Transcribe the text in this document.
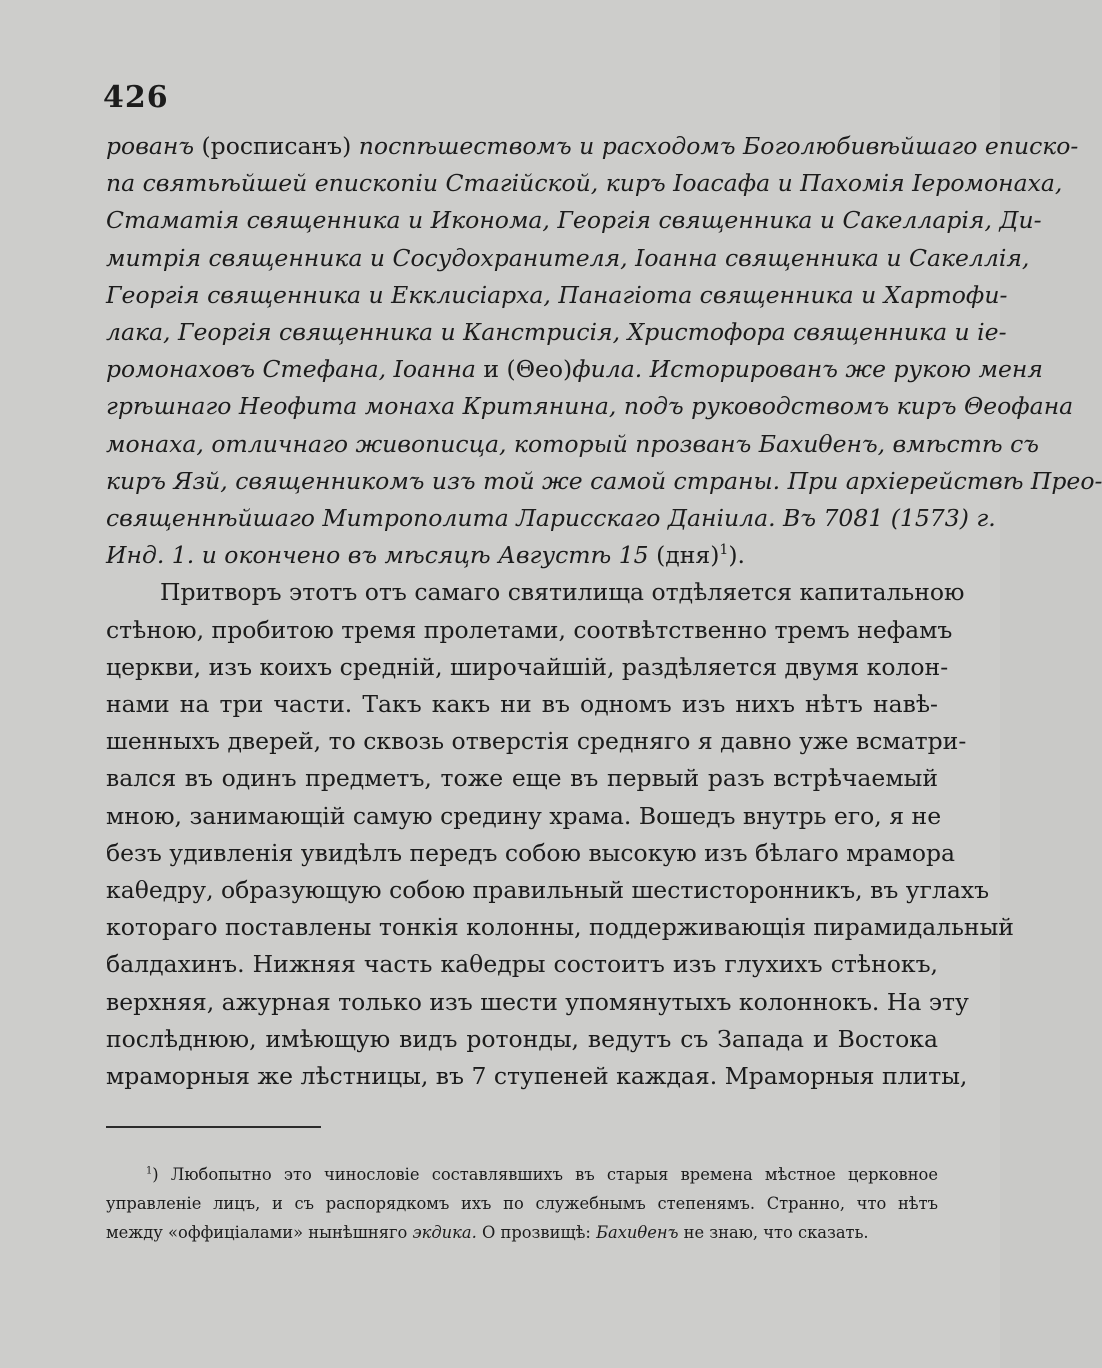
426
рованъ (росписанъ) поспѣшествомъ и расходомъ Боголюбивѣйшаго еписко-
па святьѣйшей епископіи Стагійской, киръ Іоасафа и Пахомія Іеромонаха,
Сmаматія священника и Иконома, Георгія священника и Сакелларія, Ди-
митрія священника и Сосудохранителя, Іоанна священника и Сакеллія,
Георгія священника и Екклисіарха, Панагіота священника и Хартофи-
лака, Георгія священника и Канстрисія, Христофора священника и іе-
ромонаховъ Стефана, Іоанна и (Θео)фила. Исторированъ же рукою меня
грѣшнаго Неофита монаха Критянина, подъ руководствомъ киръ Θеофана
монаха, отличнаго живописца, который прозванъ Бахиθенъ, вмѣстѣ съ
киръ Язй, священникомъ изъ той же самой страны. При архіерействѣ Прео-
священнѣйшаго Митрополита Ларисскаго Даніила. Въ 7081 (1573) г.
Инд. 1. и окончено въ мѣсяцѣ Августѣ 15 (дня)$^1$).
Притворъ этотъ отъ самаго святилища отдѣляется капитальною
стѣною, пробитою тремя пролетами, соотвѣтственно тремъ нефамъ
церкви, изъ коихъ средній, широчайшій, раздѣляется двумя колон-
нами на три части. Такъ какъ ни въ одномъ изъ нихъ нѣтъ навѣ-
шенныхъ дверей, то сквозь отверстія средняго я давно уже всматри-
вался въ одинъ предметъ, тоже еще въ первый разъ встрѣчаемый
мною, занимающій самую средину храма. Вошедъ внутрь его, я не
безъ удивленія увидѣлъ передъ собою высокую изъ бѣлаго мрамора
каθедру, образующую собою правильный шестисторонникъ, въ углахъ
котораго поставлены тонкія колонны, поддерживающія пирамидальный
балдахинъ. Нижняя часть каθедры состоитъ изъ глухихъ стѣнокъ,
верхняя, ажурная только изъ шести упомянутыхъ колоннокъ. На эту
послѣднюю, имѣющую видъ ротонды, ведутъ съ Запада и Востока
мраморныя же лѣстницы, въ 7 ступеней каждая. Мраморныя плиты,
$^1$) Любопытно это чинословіе составлявшихъ въ старыя времена мѣстное церковное
управленіе лицъ, и съ распорядкомъ ихъ по служебнымъ степенямъ. Странно, что нѣтъ
между «оффиціалами» нынѣшняго экдика. О прозвищѣ: Бахиθенъ не знаю, что сказать.
